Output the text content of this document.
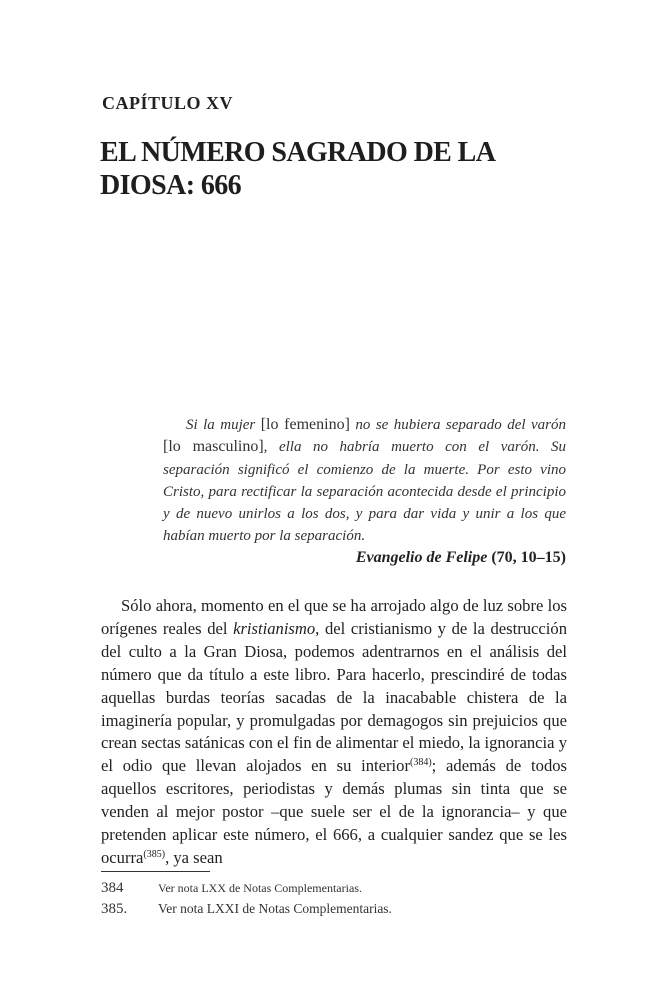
CAPÍTULO XV
EL NÚMERO SAGRADO DE LA DIOSA: 666

Si la mujer [lo femenino] no se hubiera separado del varón [lo masculino], ella no habría muerto con el varón. Su separación significó el comienzo de la muerte. Por esto vino Cristo, para rectificar la separación acontecida desde el principio y de nuevo unirlos a los dos, y para dar vida y unir a los que habían muerto por la separación.

Evangelio de Felipe (70, 10–15)

Sólo ahora, momento en el que se ha arrojado algo de luz sobre los orígenes reales del kristianismo, del cristianismo y de la destrucción del culto a la Gran Diosa, podemos adentrarnos en el análisis del número que da título a este libro. Para hacerlo, prescindiré de todas aquellas burdas teorías sacadas de la inacabable chistera de la imaginería popular, y promulgadas por demagogos sin prejuicios que crean sectas satánicas con el fin de alimentar el miedo, la ignorancia y el odio que llevan alojados en su interior$^{(384)}$; además de todos aquellos escritores, periodistas y demás plumas sin tinta que se venden al mejor postor –que suele ser el de la ignorancia– y que pretenden aplicar este número, el 666, a cualquier sandez que se les ocurra$^{(385)}$, ya sean

384	Ver nota LXX de Notas Complementarias.
385. Ver nota LXXI de Notas Complementarias.
